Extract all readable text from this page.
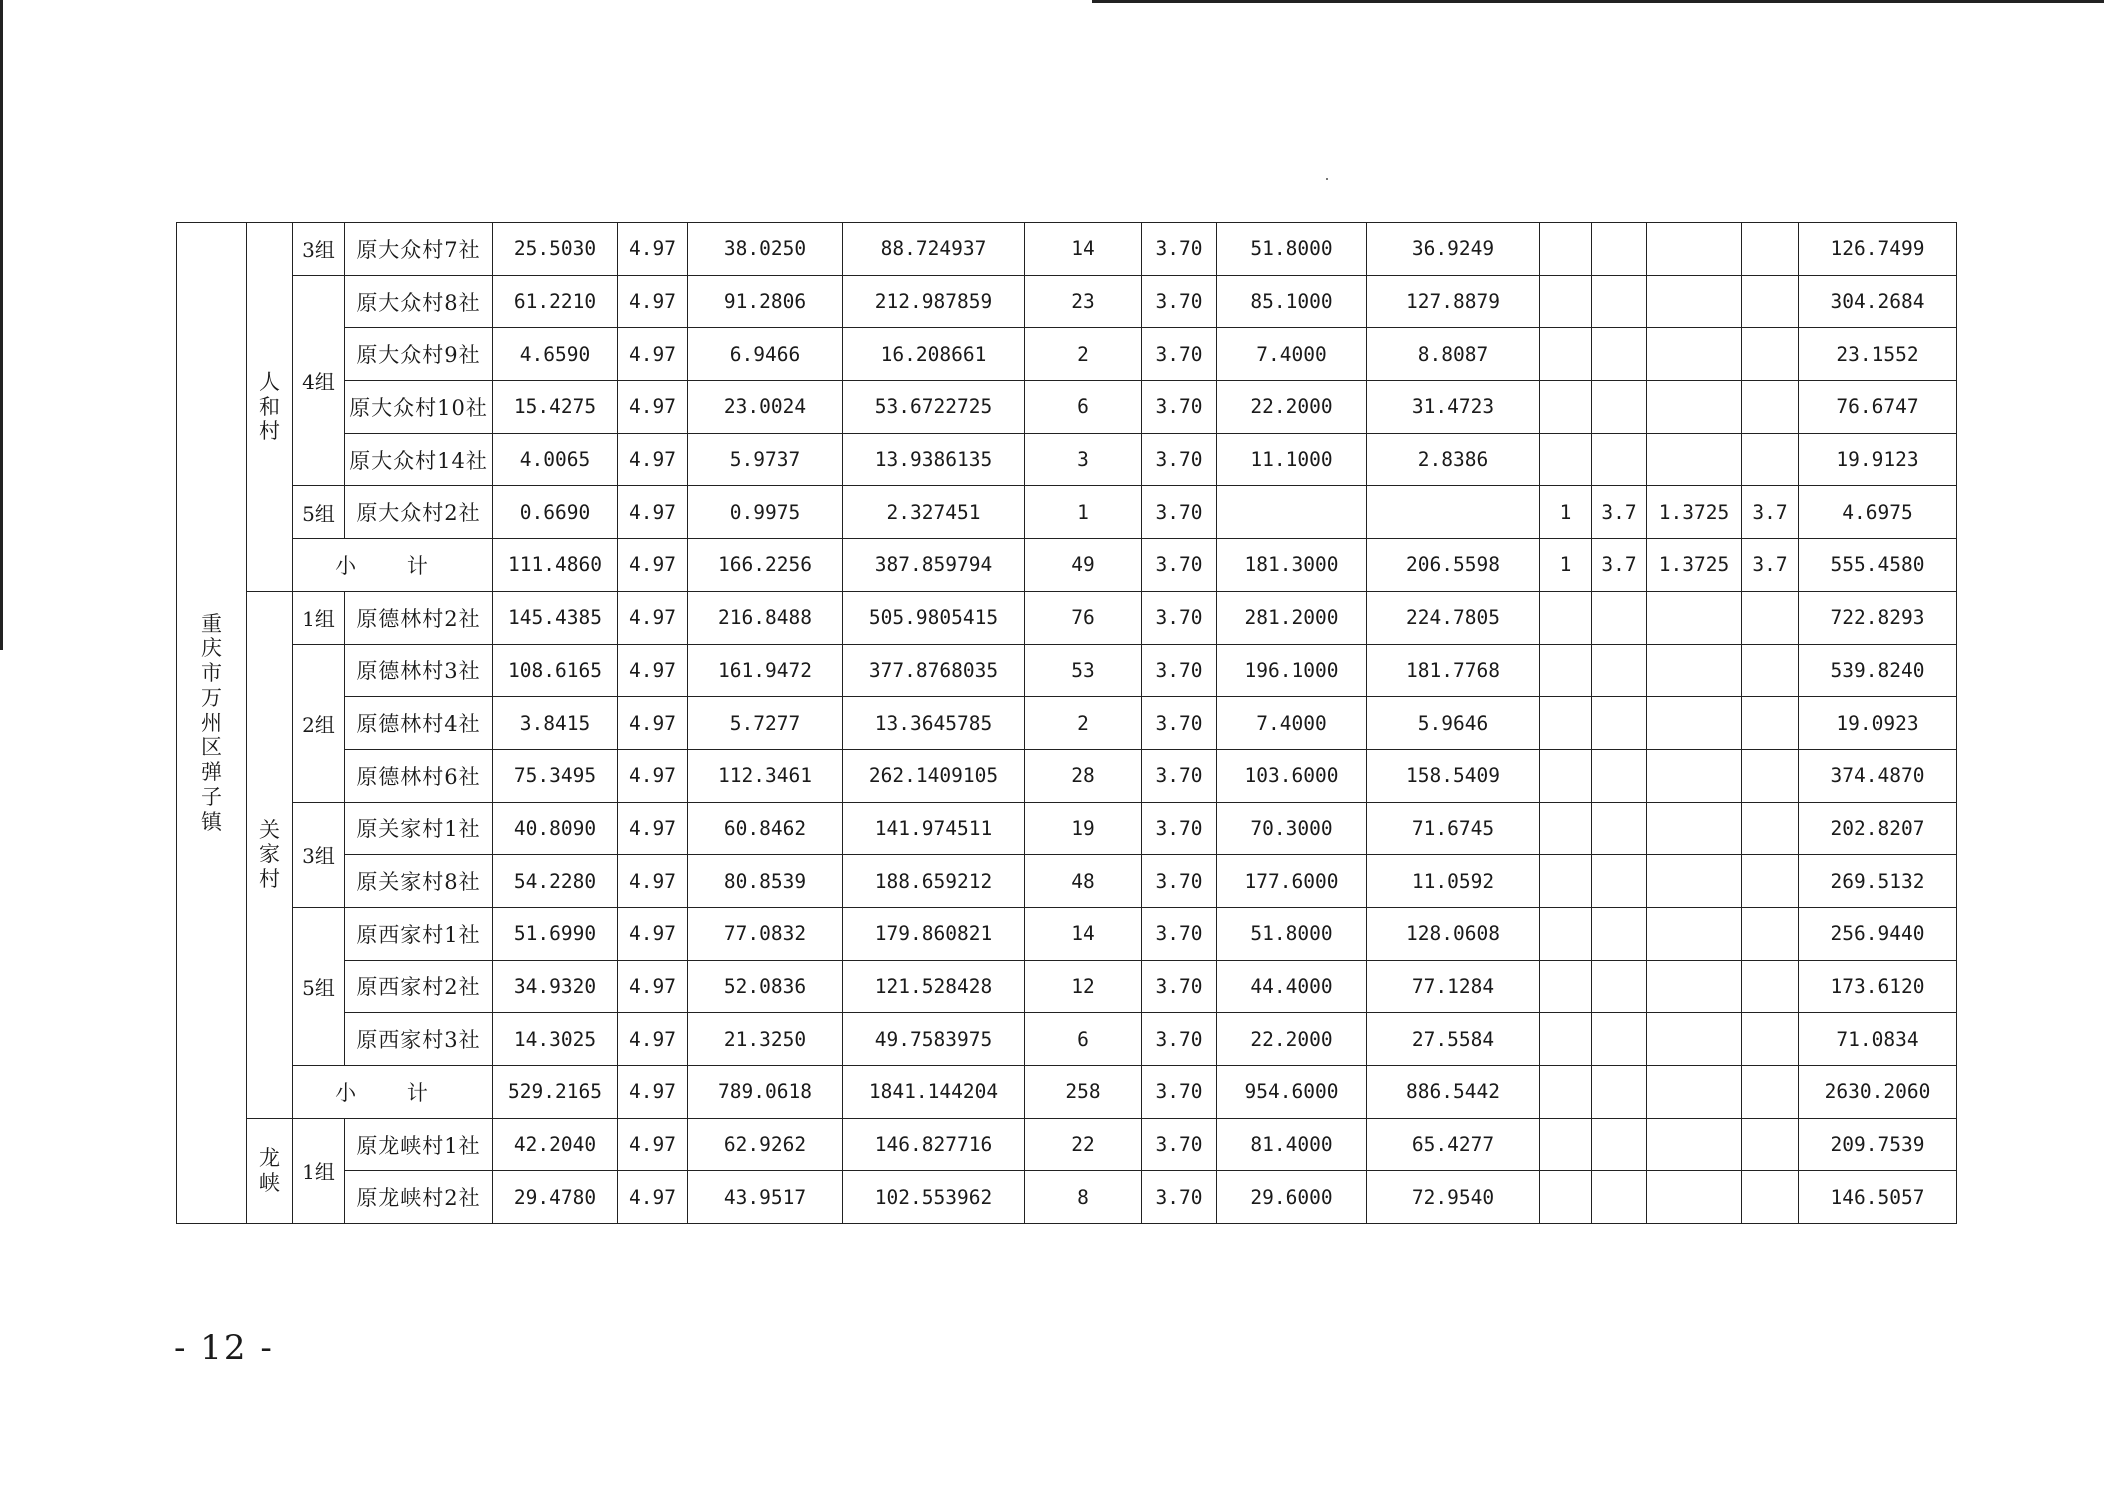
重庆市万州区弹子镇	人和村	3组	原大众村7社	25.5030	4.97	38.0250	88.724937	14	3.70	51.8000	36.9249					126.7499
		4组	原大众村8社	61.2210	4.97	91.2806	212.987859	23	3.70	85.1000	127.8879					304.2684
			原大众村9社	4.6590	4.97	6.9466	16.208661	2	3.70	7.4000	8.8087					23.1552
			原大众村10社	15.4275	4.97	23.0024	53.6722725	6	3.70	22.2000	31.4723					76.6747
			原大众村14社	4.0065	4.97	5.9737	13.9386135	3	3.70	11.1000	2.8386					19.9123
		5组	原大众村2社	0.6690	4.97	0.9975	2.327451	1	3.70			1	3.7	1.3725	3.7	4.6975
		小 计		111.4860	4.97	166.2256	387.859794	49	3.70	181.3000	206.5598	1	3.7	1.3725	3.7	555.4580
	关家村	1组	原德林村2社	145.4385	4.97	216.8488	505.9805415	76	3.70	281.2000	224.7805					722.8293
		2组	原德林村3社	108.6165	4.97	161.9472	377.8768035	53	3.70	196.1000	181.7768					539.8240
			原德林村4社	3.8415	4.97	5.7277	13.3645785	2	3.70	7.4000	5.9646					19.0923
			原德林村6社	75.3495	4.97	112.3461	262.1409105	28	3.70	103.6000	158.5409					374.4870
		3组	原关家村1社	40.8090	4.97	60.8462	141.974511	19	3.70	70.3000	71.6745					202.8207
			原关家村8社	54.2280	4.97	80.8539	188.659212	48	3.70	177.6000	11.0592					269.5132
		5组	原西家村1社	51.6990	4.97	77.0832	179.860821	14	3.70	51.8000	128.0608					256.9440
			原西家村2社	34.9320	4.97	52.0836	121.528428	12	3.70	44.4000	77.1284					173.6120
			原西家村3社	14.3025	4.97	21.3250	49.7583975	6	3.70	22.2000	27.5584					71.0834
		小 计		529.2165	4.97	789.0618	1841.144204	258	3.70	954.6000	886.5442					2630.2060
	龙峡	1组	原龙峡村1社	42.2040	4.97	62.9262	146.827716	22	3.70	81.4000	65.4277					209.7539
			原龙峡村2社	29.4780	4.97	43.9517	102.553962	8	3.70	29.6000	72.9540					146.5057
- 12 -
